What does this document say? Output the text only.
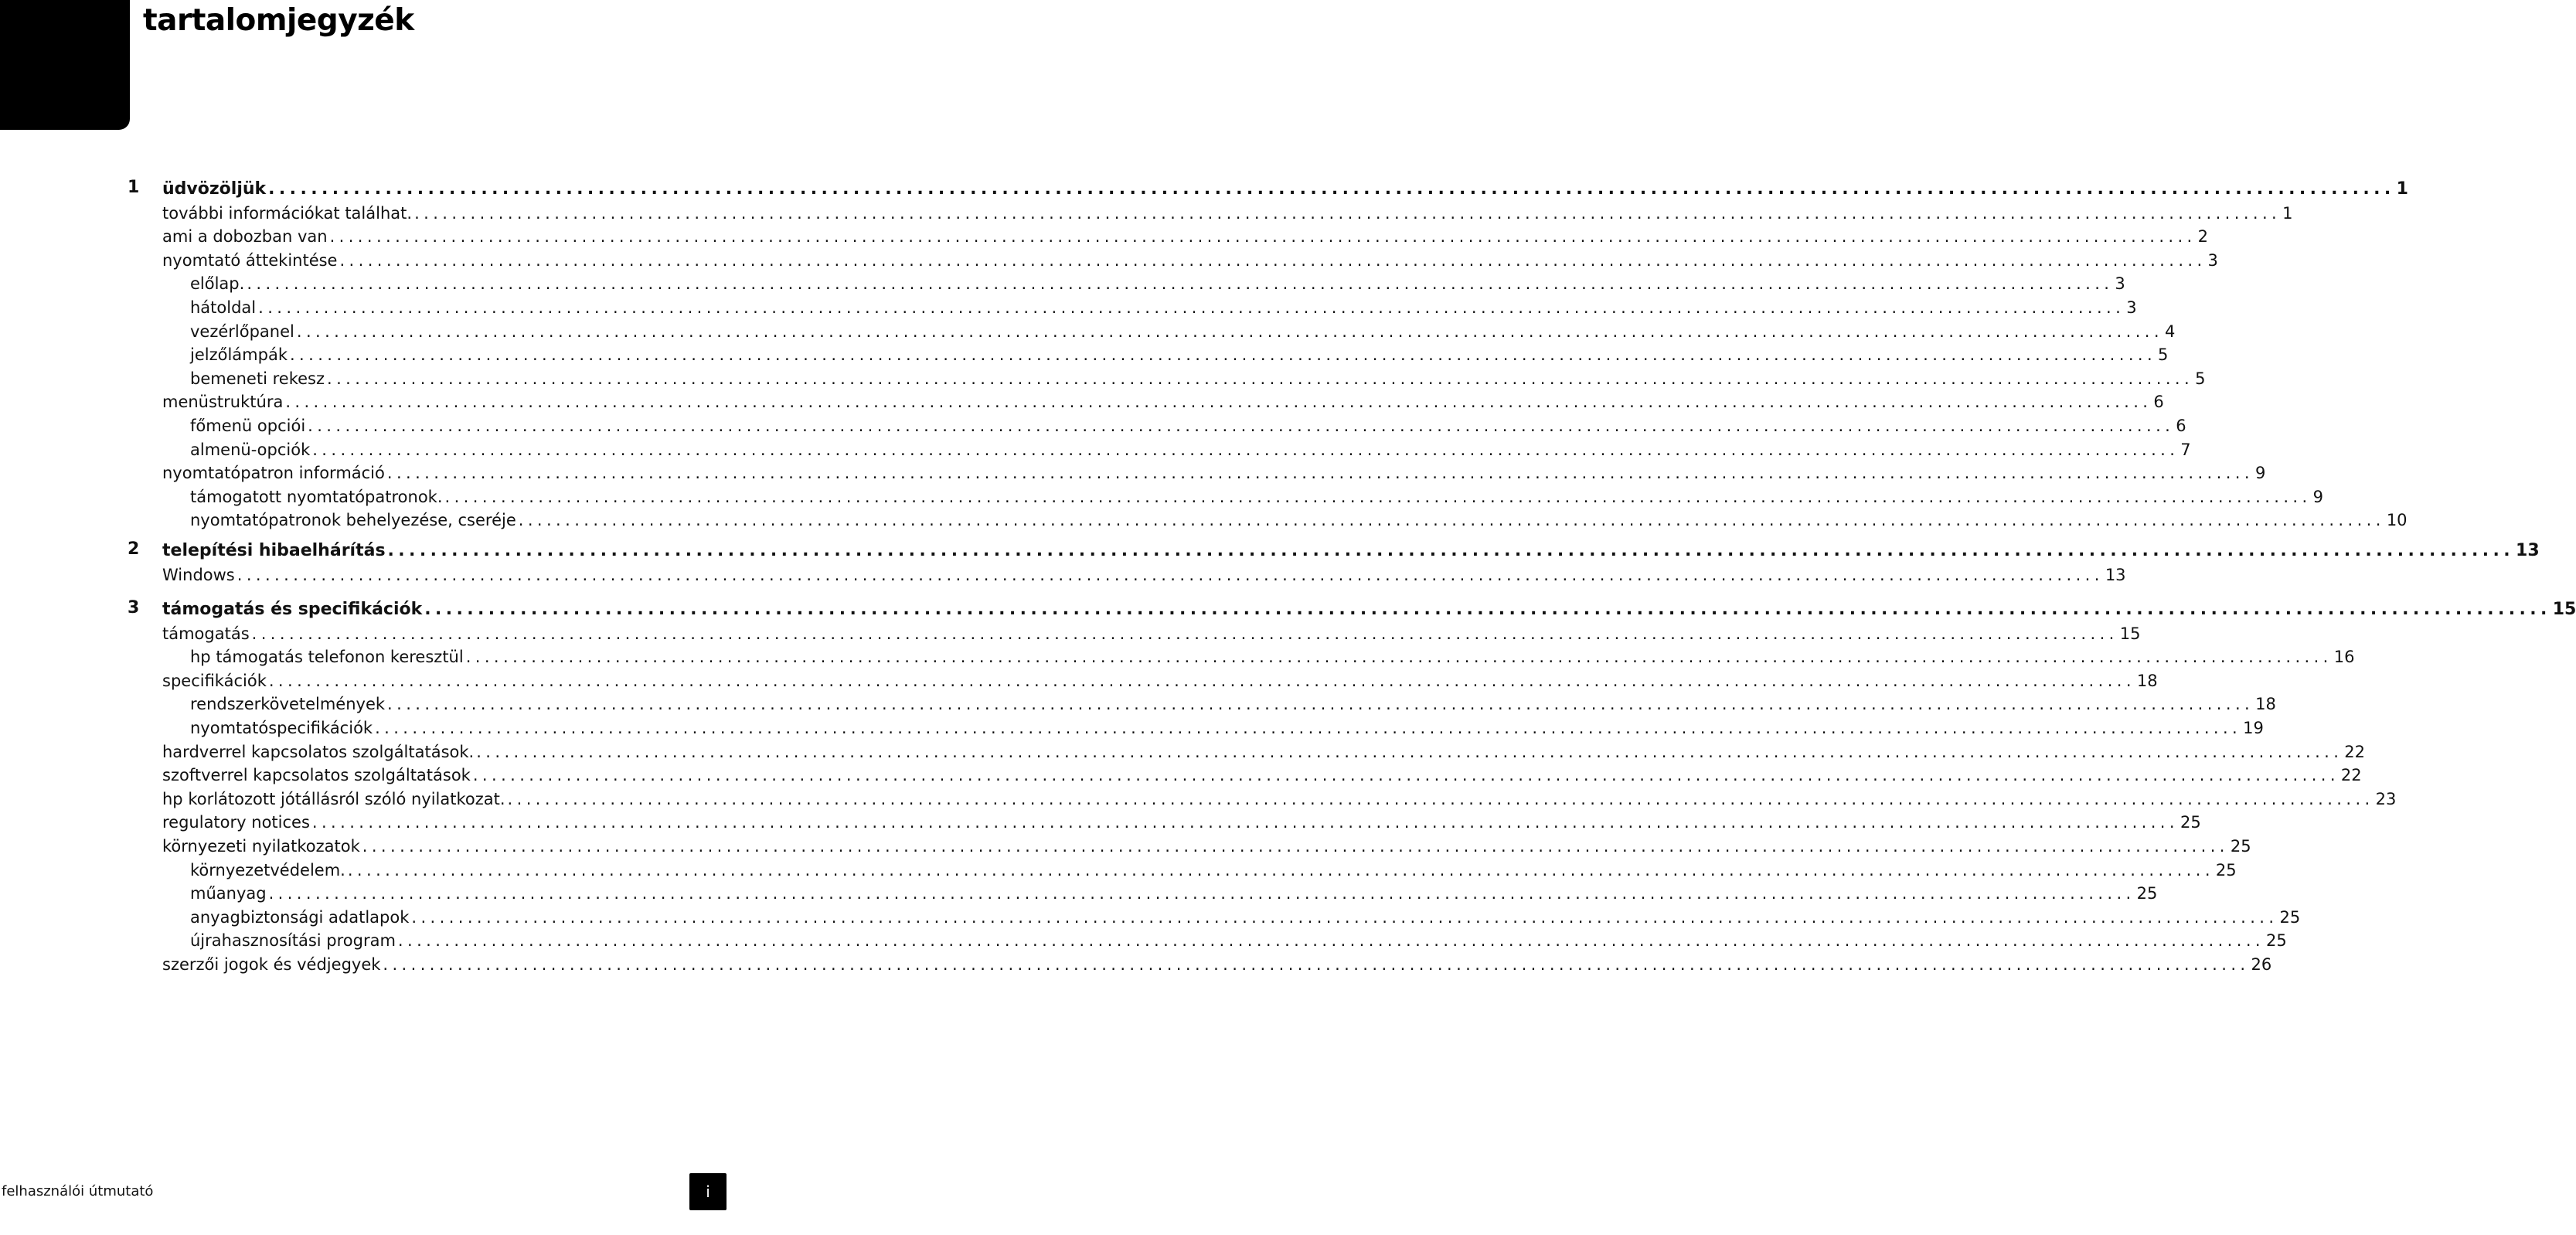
tartalomjegyzék
1	üdvözöljük ........................................................................................................................................................................................................ 1
további információkat találhat. ........................................................................................................................................................................................................ 1
ami a dobozban van ........................................................................................................................................................................................................ 2
nyomtató áttekintése ........................................................................................................................................................................................................ 3
előlap. ........................................................................................................................................................................................................ 3
hátoldal ........................................................................................................................................................................................................ 3
vezérlőpanel ........................................................................................................................................................................................................ 4
jelzőlámpák ........................................................................................................................................................................................................ 5
bemeneti rekesz ........................................................................................................................................................................................................ 5
menüstruktúra ........................................................................................................................................................................................................ 6
főmenü opciói ........................................................................................................................................................................................................ 6
almenü-opciók ........................................................................................................................................................................................................ 7
nyomtatópatron információ ........................................................................................................................................................................................................ 9
támogatott nyomtatópatronok. ........................................................................................................................................................................................................ 9
nyomtatópatronok behelyezése, cseréje ........................................................................................................................................................................................................ 10
2	telepítési hibaelhárítás ........................................................................................................................................................................................................ 13
Windows ........................................................................................................................................................................................................ 13
3	támogatás és specifikációk ........................................................................................................................................................................................................ 15
támogatás ........................................................................................................................................................................................................ 15
hp támogatás telefonon keresztül ........................................................................................................................................................................................................ 16
specifikációk ........................................................................................................................................................................................................ 18
rendszerkövetelmények ........................................................................................................................................................................................................ 18
nyomtatóspecifikációk ........................................................................................................................................................................................................ 19
hardverrel kapcsolatos szolgáltatások. ........................................................................................................................................................................................................ 22
szoftverrel kapcsolatos szolgáltatások ........................................................................................................................................................................................................ 22
hp korlátozott jótállásról szóló nyilatkozat. ........................................................................................................................................................................................................ 23
regulatory notices ........................................................................................................................................................................................................ 25
környezeti nyilatkozatok ........................................................................................................................................................................................................ 25
környezetvédelem. ........................................................................................................................................................................................................ 25
műanyag ........................................................................................................................................................................................................ 25
anyagbiztonsági adatlapok ........................................................................................................................................................................................................ 25
újrahasznosítási program ........................................................................................................................................................................................................ 25
szerzői jogok és védjegyek ........................................................................................................................................................................................................ 26
felhasználói útmutató	i
